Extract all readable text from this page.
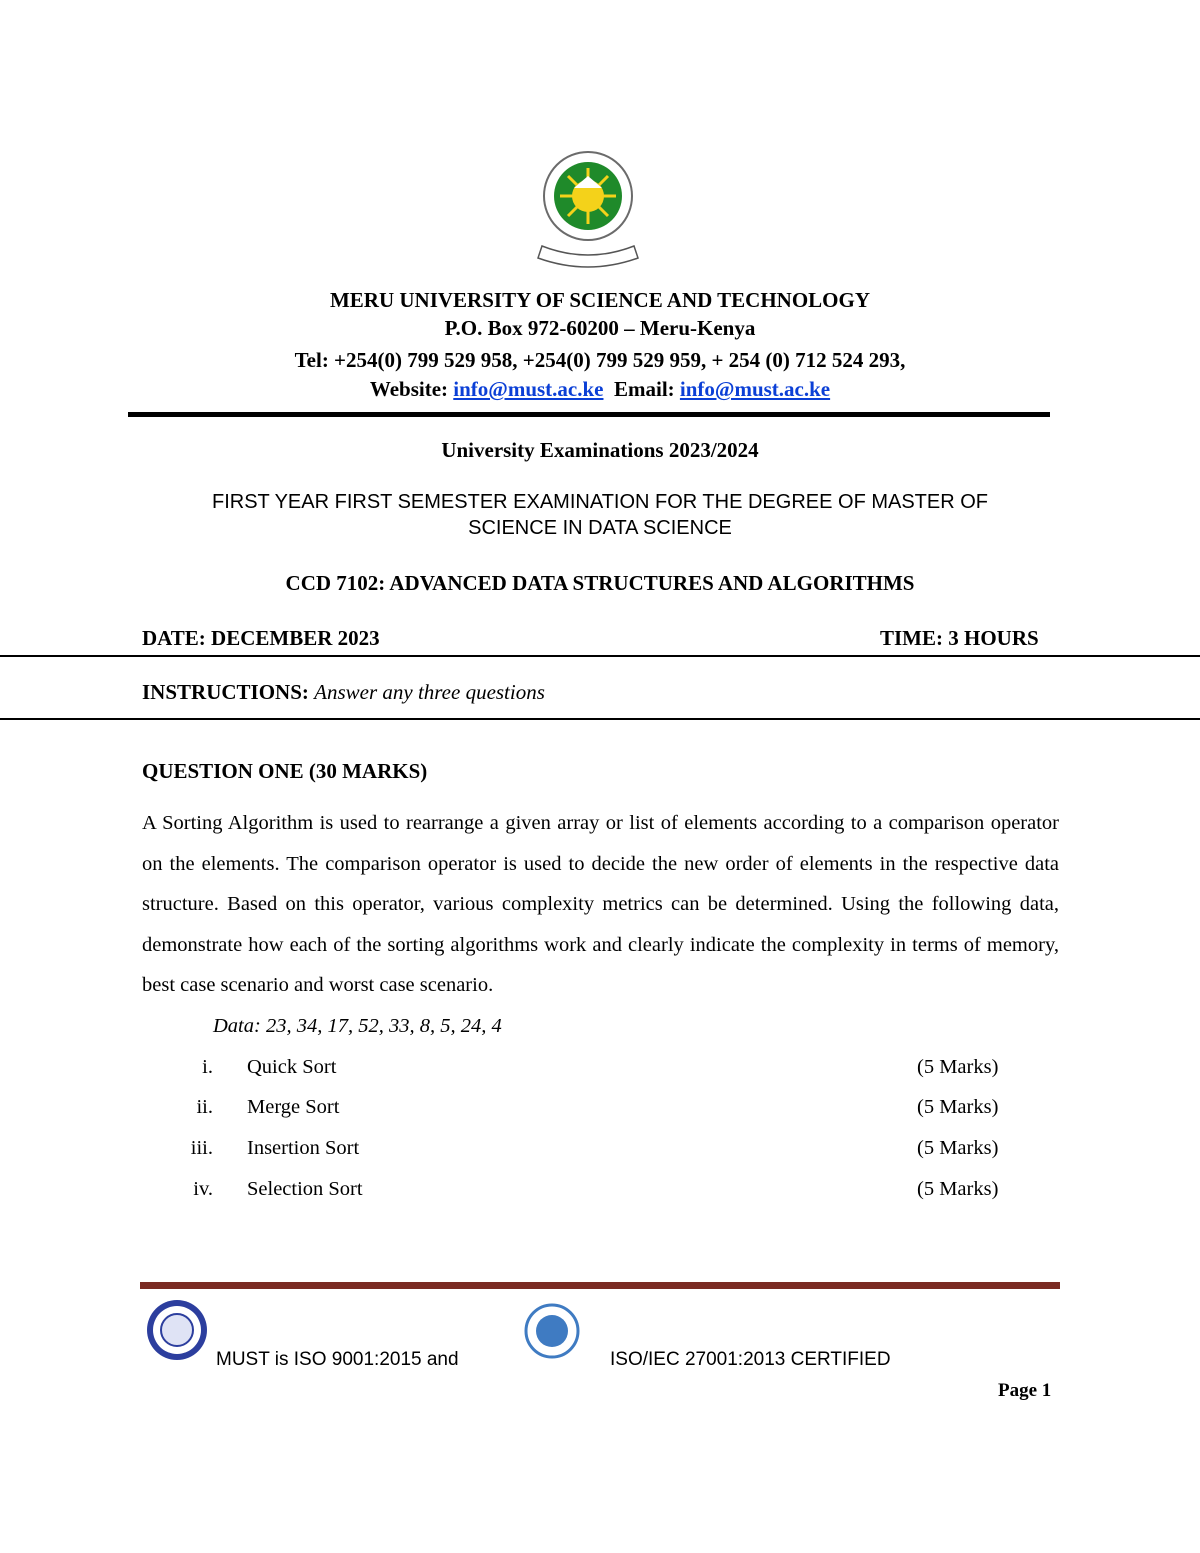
MERU UNIVERSITY OF SCIENCE AND TECHNOLOGY
P.O. Box 972-60200 – Meru-Kenya
Tel: +254(0) 799 529 958, +254(0) 799 529 959, + 254 (0) 712 524 293,
Website: info@must.ac.ke Email: info@must.ac.ke
University Examinations 2023/2024
FIRST YEAR FIRST SEMESTER EXAMINATION FOR THE DEGREE OF MASTER OF
SCIENCE IN DATA SCIENCE
CCD 7102: ADVANCED DATA STRUCTURES AND ALGORITHMS
DATE: DECEMBER 2023	TIME: 3 HOURS
INSTRUCTIONS: Answer any three questions
QUESTION ONE (30 MARKS)
A Sorting Algorithm is used to rearrange a given array or list of elements according to a comparison operator on the elements. The comparison operator is used to decide the new order of elements in the respective data structure. Based on this operator, various complexity metrics can be determined. Using the following data, demonstrate how each of the sorting algorithms work and clearly indicate the complexity in terms of memory, best case scenario and worst case scenario.
Data: 23, 34, 17, 52, 33, 8, 5, 24, 4
i. Quick Sort	(5 Marks)
ii. Merge Sort	(5 Marks)
iii. Insertion Sort	(5 Marks)
iv. Selection Sort	(5 Marks)
MUST is ISO 9001:2015 and	ISO/IEC 27001:2013 CERTIFIED
Page 1
